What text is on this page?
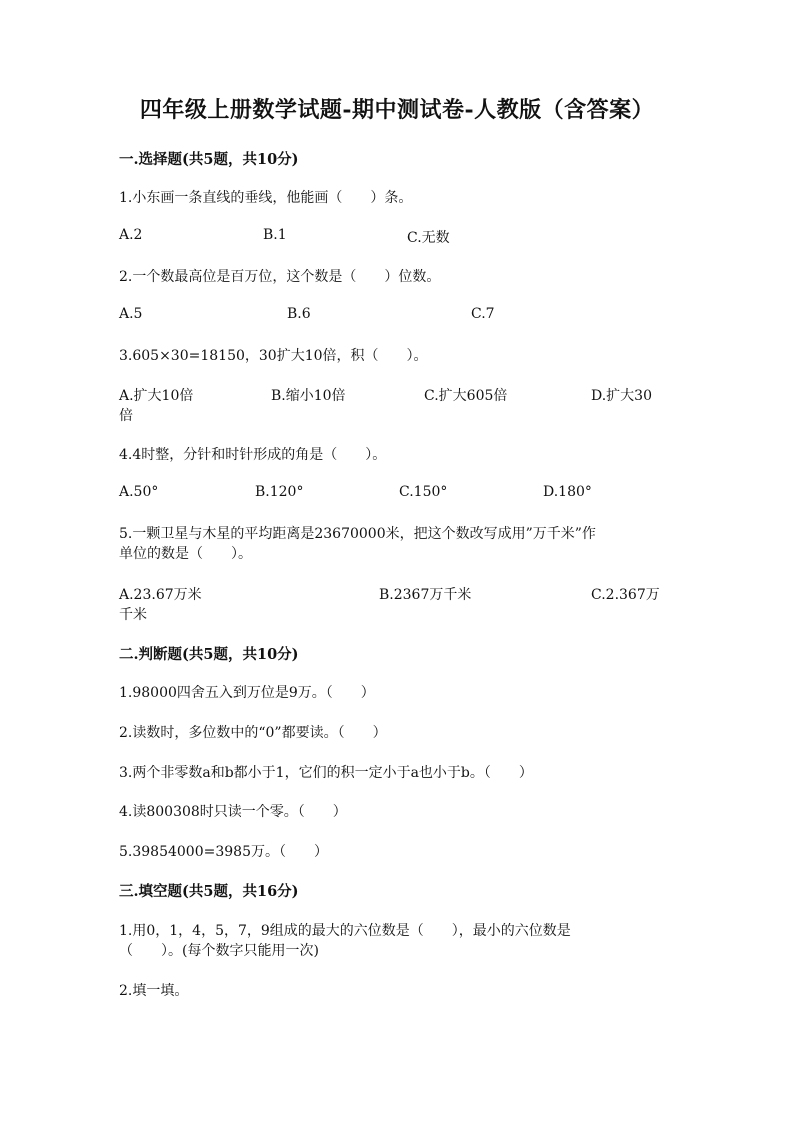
四年级上册数学试题-期中测试卷-人教版（含答案）
一.选择题(共5题，共10分)
1.小东画一条直线的垂线，他能画（　　）条。
A.2	B.1	C.无数
2.一个数最高位是百万位，这个数是（　　）位数。
A.5	B.6	C.7
3.605×30=18150，30扩大10倍，积（　　）。
A.扩大10倍	B.缩小10倍	C.扩大605倍	D.扩大30
倍
4.4时整，分针和时针形成的角是（　　）。
A.50°	B.120°	C.150°	D.180°
5.一颗卫星与木星的平均距离是23670000米，把这个数改写成用”万千米”作
单位的数是（　　）。
A.23.67万米	B.2367万千米	C.2.367万
千米
二.判断题(共5题，共10分)
1.98000四舍五入到万位是9万。（　　）
2.读数时，多位数中的“0”都要读。（　　）
3.两个非零数a和b都小于1，它们的积一定小于a也小于b。（　　）
4.读800308时只读一个零。（　　）
5.39854000=3985万。（　　）
三.填空题(共5题，共16分)
1.用0，1，4，5，7，9组成的最大的六位数是（　　），最小的六位数是
（　　）。(每个数字只能用一次)
2.填一填。
